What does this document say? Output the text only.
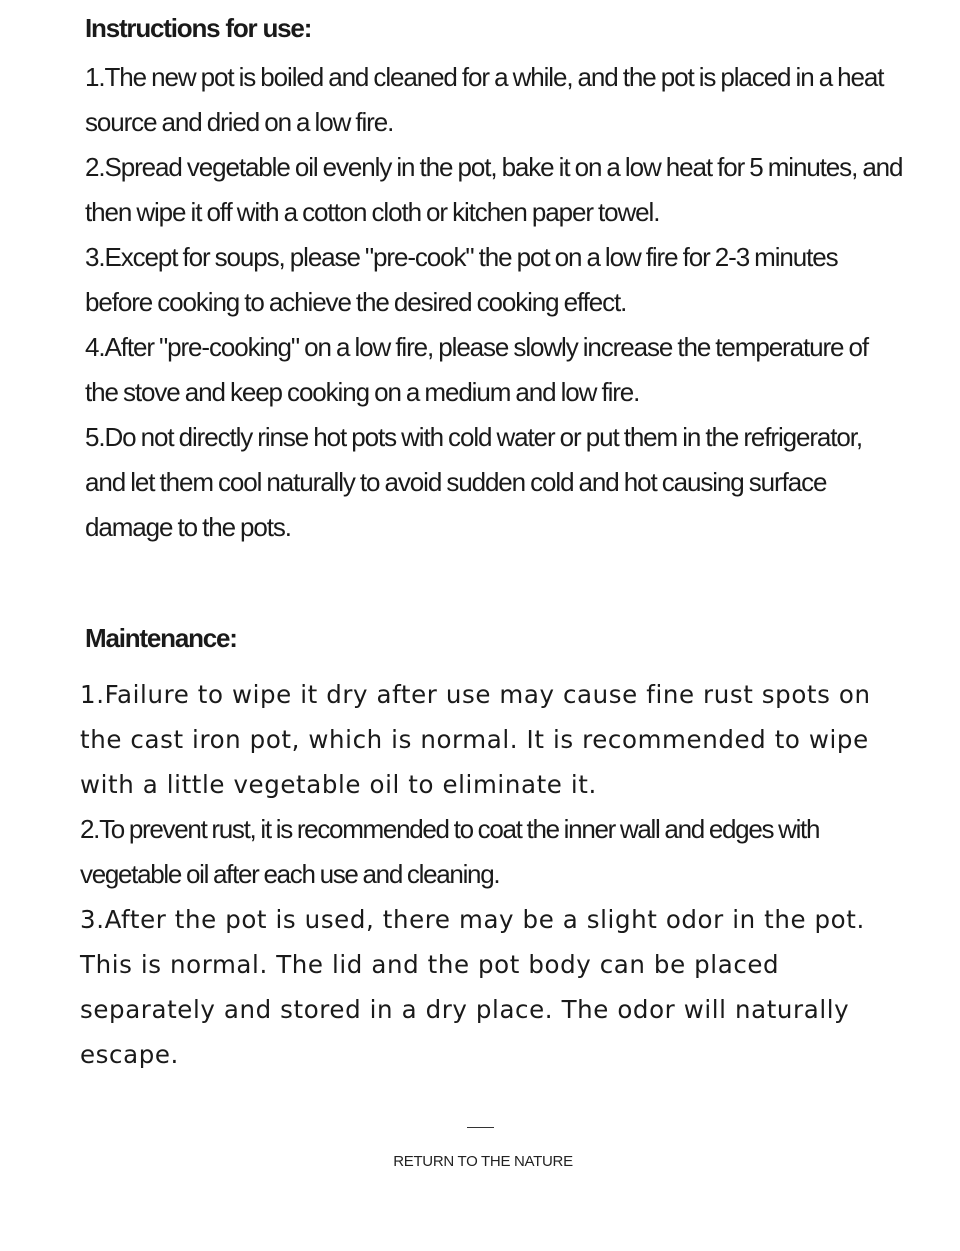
Instructions for use:
1.The new pot is boiled and cleaned for a while, and the pot is placed in a heat source and dried on a low fire.
2.Spread vegetable oil evenly in the pot, bake it on a low heat for 5 minutes, and then wipe it off with a cotton cloth or kitchen paper towel.
3.Except for soups, please "pre-cook" the pot on a low fire for 2-3 minutes before cooking to achieve the desired cooking effect.
4.After "pre-cooking" on a low fire, please slowly increase the temperature of the stove and keep cooking on a medium and low fire.
5.Do not directly rinse hot pots with cold water or put them in the refrigerator, and let them cool naturally to avoid sudden cold and hot causing surface damage to the pots.
Maintenance:
1.Failure to wipe it dry after use may cause fine rust spots on the cast iron pot, which is normal. It is recommended to wipe with a little vegetable oil to eliminate it.
2.To prevent rust, it is recommended to coat the inner wall and edges with vegetable oil after each use and cleaning.
3.After the pot is used, there may be a slight odor in the pot. This is normal. The lid and the pot body can be placed separately and stored in a dry place. The odor will naturally escape.

RETURN TO THE NATURE
